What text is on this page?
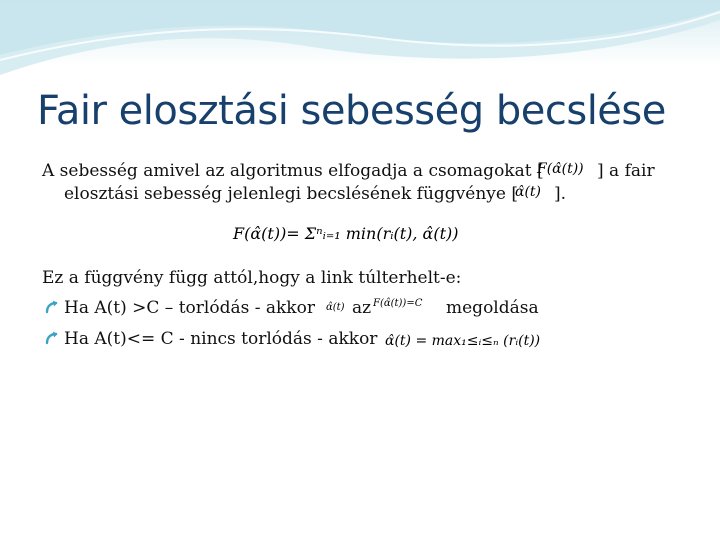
Fair elosztási sebesség becslése
A sebesség amivel az algoritmus elfogadja a csomagokat [
F(α̂(t)) ] a fair
elosztási sebesség jelenlegi becslésének függvénye [
α̂(t) ].
F(α̂(t))= Σⁿᵢ₌₁ min(rᵢ(t), α̂(t))
Ez a függvény függ attól,hogy a link túlterhelt-e:
Ha A(t) >C – torlódás - akkor α̂(t) az F(α̂(t))=C megoldása
Ha A(t)<= C - nincs torlódás - akkor α̂(t) = max₁≤ᵢ≤ₙ (rᵢ(t))
